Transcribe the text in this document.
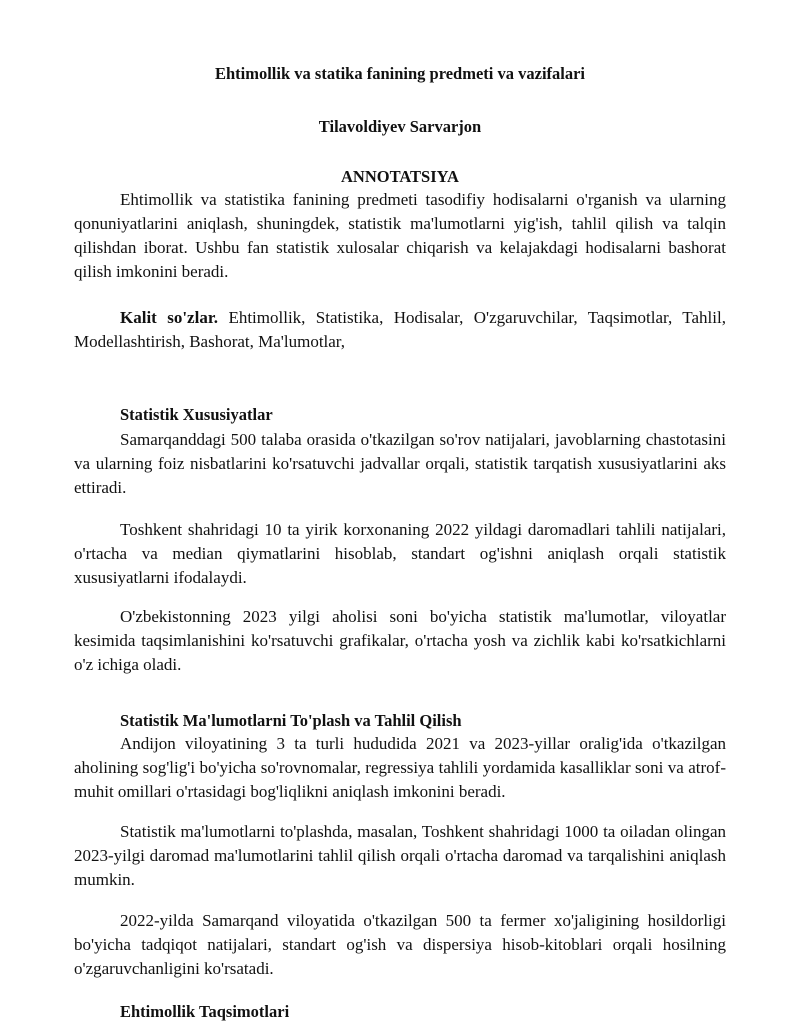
Ehtimollik va statika fanining predmeti va vazifalari
Tilavoldiyev Sarvarjon
ANNOTATSIYA
Ehtimollik va statistika fanining predmeti tasodifiy hodisalarni o'rganish va ularning qonuniyatlarini aniqlash, shuningdek, statistik ma'lumotlarni yig'ish, tahlil qilish va talqin qilishdan iborat. Ushbu fan statistik xulosalar chiqarish va kelajakdagi hodisalarni bashorat qilish imkonini beradi.
Kalit so'zlar. Ehtimollik, Statistika, Hodisalar, O'zgaruvchilar, Taqsimotlar, Tahlil, Modellashtirish, Bashorat, Ma'lumotlar,
Statistik Xususiyatlar
Samarqanddagi 500 talaba orasida o'tkazilgan so'rov natijalari, javoblarning chastotasini va ularning foiz nisbatlarini ko'rsatuvchi jadvallar orqali, statistik tarqatish xususiyatlarini aks ettiradi.
Toshkent shahridagi 10 ta yirik korxonaning 2022 yildagi daromadlari tahlili natijalari, o'rtacha va median qiymatlarini hisoblab, standart og'ishni aniqlash orqali statistik xususiyatlarni ifodalaydi.
O'zbekistonning 2023 yilgi aholisi soni bo'yicha statistik ma'lumotlar, viloyatlar kesimida taqsimlanishini ko'rsatuvchi grafikalar, o'rtacha yosh va zichlik kabi ko'rsatkichlarni o'z ichiga oladi.
Statistik Ma'lumotlarni To'plash va Tahlil Qilish
Andijon viloyatining 3 ta turli hududida 2021 va 2023-yillar oralig'ida o'tkazilgan aholining sog'lig'i bo'yicha so'rovnomalar, regressiya tahlili yordamida kasalliklar soni va atrof-muhit omillari o'rtasidagi bog'liqlikni aniqlash imkonini beradi.
Statistik ma'lumotlarni to'plashda, masalan, Toshkent shahridagi 1000 ta oiladan olingan 2023-yilgi daromad ma'lumotlarini tahlil qilish orqali o'rtacha daromad va tarqalishini aniqlash mumkin.
2022-yilda Samarqand viloyatida o'tkazilgan 500 ta fermer xo'jaligining hosildorligi bo'yicha tadqiqot natijalari, standart og'ish va dispersiya hisob-kitoblari orqali hosilning o'zgaruvchanligini ko'rsatadi.
Ehtimollik Taqsimotlari
